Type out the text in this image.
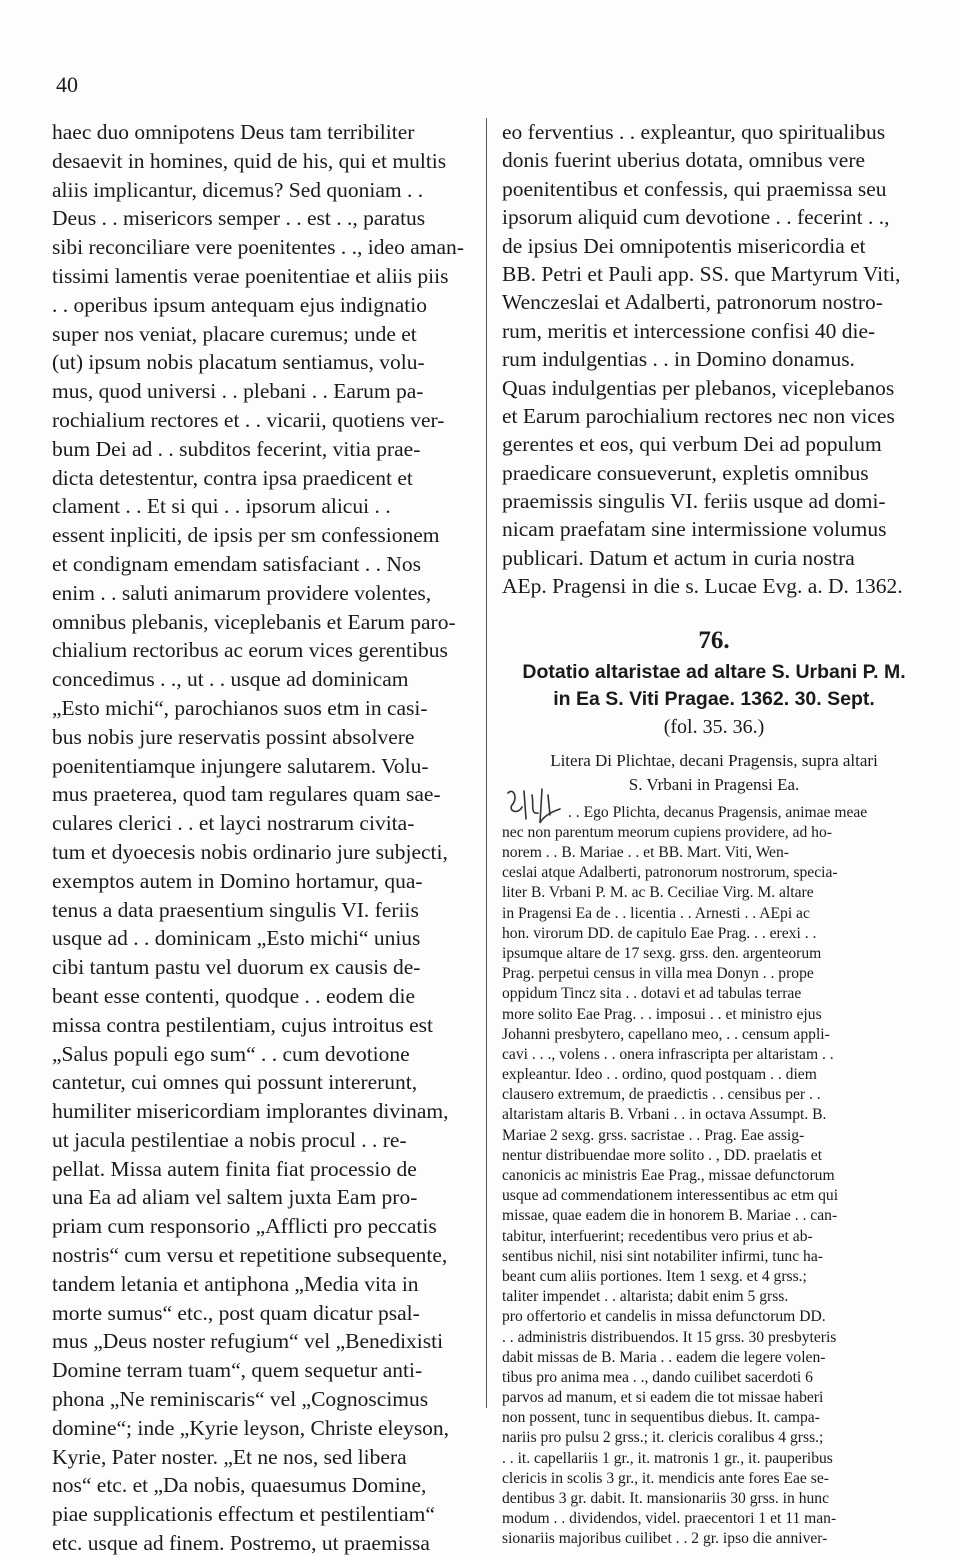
40
haec duo omnipotens Deus tam terribiliter
desaevit in homines, quid de his, qui et multis
aliis implicantur, dicemus? Sed quoniam . .
Deus . . misericors semper . . est . ., paratus
sibi reconciliare vere poenitentes . ., ideo aman-
tissimi lamentis verae poenitentiae et aliis piis
. . operibus ipsum antequam ejus indignatio
super nos veniat, placare curemus; unde et
(ut) ipsum nobis placatum sentiamus, volu-
mus, quod universi . . plebani . . Earum pa-
rochialium rectores et . . vicarii, quotiens ver-
bum Dei ad . . subditos fecerint, vitia prae-
dicta detestentur, contra ipsa praedicent et
clament . . Et si qui . . ipsorum alicui . .
essent inpliciti, de ipsis per sm confessionem
et condignam emendam satisfaciant . . Nos
enim . . saluti animarum providere volentes,
omnibus plebanis, viceplebanis et Earum paro-
chialium rectoribus ac eorum vices gerentibus
concedimus . ., ut . . usque ad dominicam
„Esto michi“, parochianos suos etm in casi-
bus nobis jure reservatis possint absolvere
poenitentiamque injungere salutarem. Volu-
mus praeterea, quod tam regulares quam sae-
culares clerici . . et layci nostrarum civita-
tum et dyoecesis nobis ordinario jure subjecti,
exemptos autem in Domino hortamur, qua-
tenus a data praesentium singulis VI. feriis
usque ad . . dominicam „Esto michi“ unius
cibi tantum pastu vel duorum ex causis de-
beant esse contenti, quodque . . eodem die
missa contra pestilentiam, cujus introitus est
„Salus populi ego sum“ . . cum devotione
cantetur, cui omnes qui possunt intererunt,
humiliter misericordiam implorantes divinam,
ut jacula pestilentiae a nobis procul . . re-
pellat. Missa autem finita fiat processio de
una Ea ad aliam vel saltem juxta Eam pro-
priam cum responsorio „Afflicti pro peccatis
nostris“ cum versu et repetitione subsequente,
tandem letania et antiphona „Media vita in
morte sumus“ etc., post quam dicatur psal-
mus „Deus noster refugium“ vel „Benedixisti
Domine terram tuam“, quem sequetur anti-
phona „Ne reminiscaris“ vel „Cognoscimus
domine“; inde „Kyrie leyson, Christe eleyson,
Kyrie, Pater noster. „Et ne nos, sed libera
nos“ etc. et „Da nobis, quaesumus Domine,
piae supplicationis effectum et pestilentiam“
etc. usque ad finem. Postremo, ut praemissa
eo ferventius . . expleantur, quo spiritualibus
donis fuerint uberius dotata, omnibus vere
poenitentibus et confessis, qui praemissa seu
ipsorum aliquid cum devotione . . fecerint . .,
de ipsius Dei omnipotentis misericordia et
BB. Petri et Pauli app. SS. que Martyrum Viti,
Wenczeslai et Adalberti, patronorum nostro-
rum, meritis et intercessione confisi 40 die-
rum indulgentias . . in Domino donamus.
Quas indulgentias per plebanos, viceplebanos
et Earum parochialium rectores nec non vices
gerentes et eos, qui verbum Dei ad populum
praedicare consueverunt, expletis omnibus
praemissis singulis VI. feriis usque ad domi-
nicam praefatam sine intermissione volumus
publicari. Datum et actum in curia nostra
AEp. Pragensi in die s. Lucae Evg. a. D. 1362.
76.
Dotatio altaristae ad altare S. Urbani P. M.
in Ea S. Viti Pragae. 1362. 30. Sept.
(fol. 35. 36.)
Litera Di Plichtae, decani Pragensis, supra altari
S. Vrbani in Pragensi Ea.
. . Ego Plichta, decanus Pragensis, animae meae
nec non parentum meorum cupiens providere, ad ho-
norem . . B. Mariae . . et BB. Mart. Viti, Wen-
ceslai atque Adalberti, patronorum nostrorum, specia-
liter B. Vrbani P. M. ac B. Ceciliae Virg. M. altare
in Pragensi Ea de . . licentia . . Arnesti . . AEpi ac
hon. virorum DD. de capitulo Eae Prag. . . erexi . .
ipsumque altare de 17 sexg. grss. den. argenteorum
Prag. perpetui census in villa mea Donyn . . prope
oppidum Tincz sita . . dotavi et ad tabulas terrae
more solito Eae Prag. . . imposui . . et ministro ejus
Johanni presbytero, capellano meo, . . censum appli-
cavi . . ., volens . . onera infrascripta per altaristam . .
expleantur. Ideo . . ordino, quod postquam . . diem
clausero extremum, de praedictis . . censibus per . .
altaristam altaris B. Vrbani . . in octava Assumpt. B.
Mariae 2 sexg. grss. sacristae . . Prag. Eae assig-
nentur distribuendae more solito . , DD. praelatis et
canonicis ac ministris Eae Prag., missae defunctorum
usque ad commendationem interessentibus ac etm qui
missae, quae eadem die in honorem B. Mariae . . can-
tabitur, interfuerint; recedentibus vero prius et ab-
sentibus nichil, nisi sint notabiliter infirmi, tunc ha-
beant cum aliis portiones. Item 1 sexg. et 4 grss.;
taliter impendet . . altarista; dabit enim 5 grss.
pro offertorio et candelis in missa defunctorum DD.
. . administris distribuendos. It 15 grss. 30 presbyteris
dabit missas de B. Maria . . eadem die legere volen-
tibus pro anima mea . ., dando cuilibet sacerdoti 6
parvos ad manum, et si eadem die tot missae haberi
non possent, tunc in sequentibus diebus. It. campa-
nariis pro pulsu 2 grss.; it. clericis coralibus 4 grss.;
. . it. capellariis 1 gr., it. matronis 1 gr., it. pauperibus
clericis in scolis 3 gr., it. mendicis ante fores Eae se-
dentibus 3 gr. dabit. It. mansionariis 30 grss. in hunc
modum . . dividendos, videl. praecentori 1 et 11 man-
sionariis majoribus cuilibet . . 2 gr. ipso die anniver-
